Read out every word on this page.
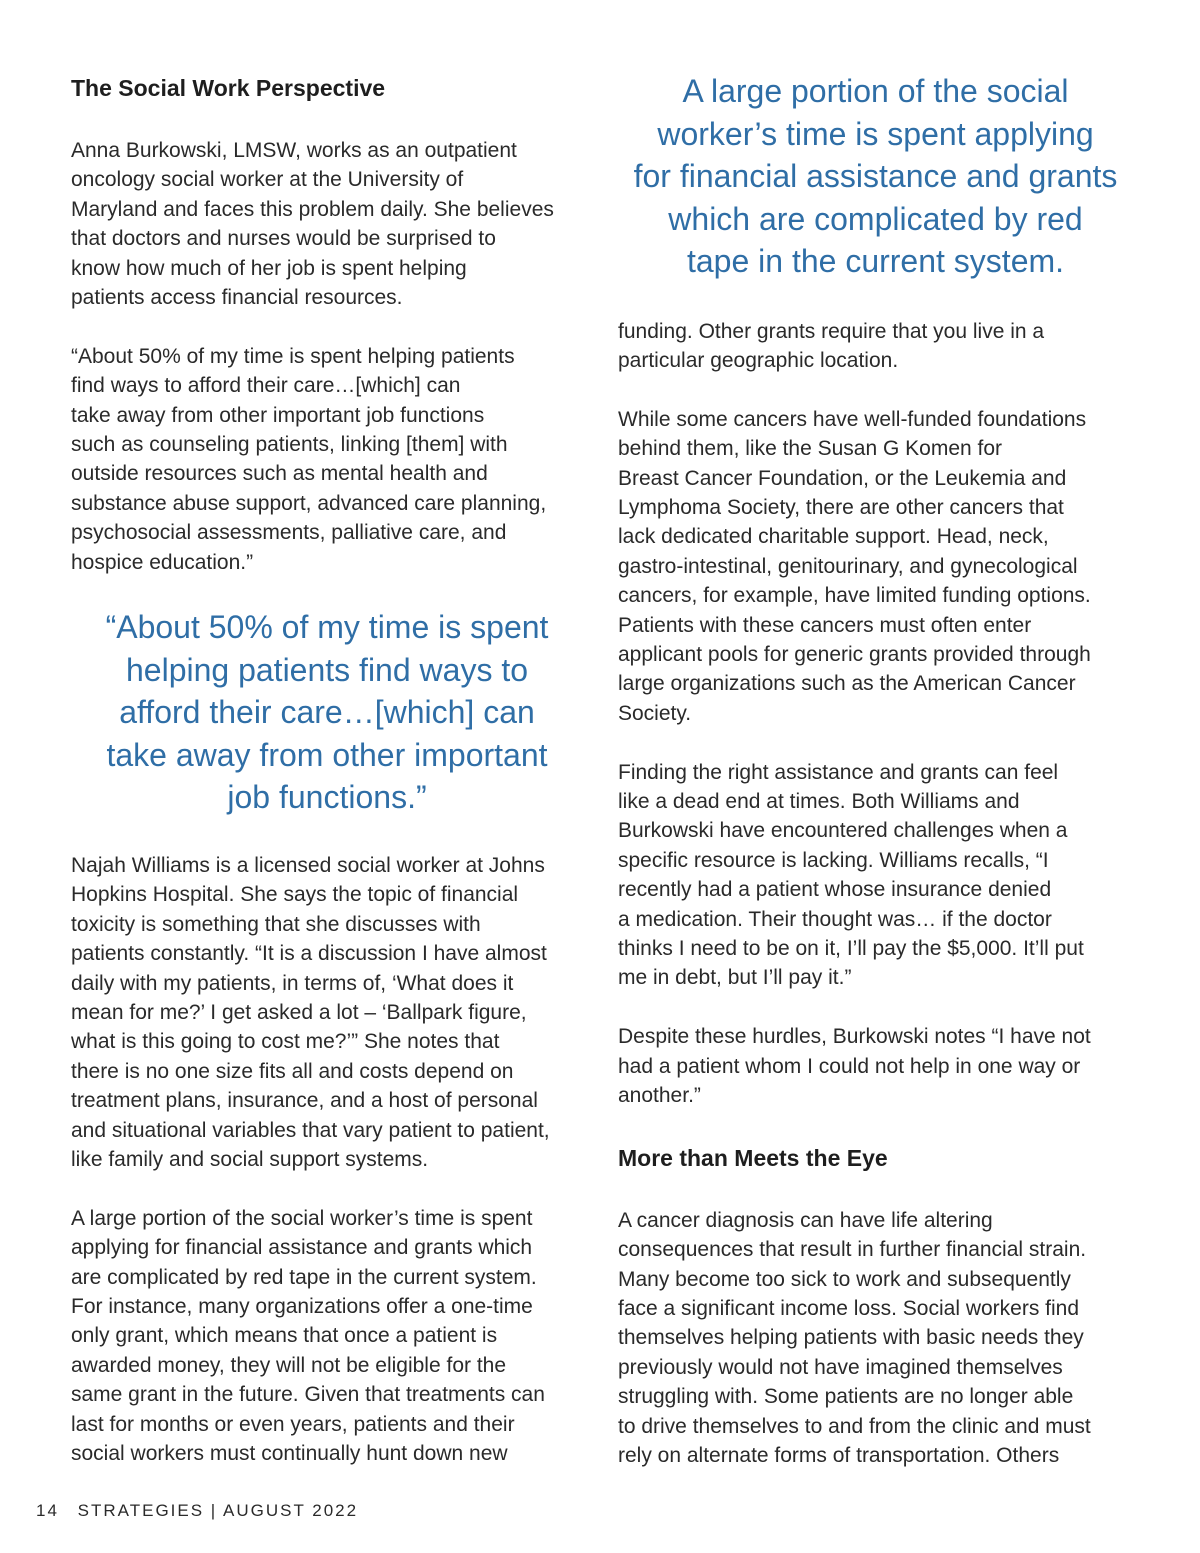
The Social Work Perspective

Anna Burkowski, LMSW, works as an outpatient
oncology social worker at the University of
Maryland and faces this problem daily. She believes
that doctors and nurses would be surprised to
know how much of her job is spent helping
patients access financial resources.

“About 50% of my time is spent helping patients
find ways to afford their care…[which] can
take away from other important job functions
such as counseling patients, linking [them] with
outside resources such as mental health and
substance abuse support, advanced care planning,
psychosocial assessments, palliative care, and
hospice education.”

“About 50% of my time is spent
helping patients find ways to
afford their care…[which] can
take away from other important
job functions.”

Najah Williams is a licensed social worker at Johns
Hopkins Hospital. She says the topic of financial
toxicity is something that she discusses with
patients constantly. “It is a discussion I have almost
daily with my patients, in terms of, ‘What does it
mean for me?’ I get asked a lot – ‘Ballpark figure,
what is this going to cost me?’” She notes that
there is no one size fits all and costs depend on
treatment plans, insurance, and a host of personal
and situational variables that vary patient to patient,
like family and social support systems.

A large portion of the social worker’s time is spent
applying for financial assistance and grants which
are complicated by red tape in the current system.
For instance, many organizations offer a one-time
only grant, which means that once a patient is
awarded money, they will not be eligible for the
same grant in the future. Given that treatments can
last for months or even years, patients and their
social workers must continually hunt down new

A large portion of the social
worker’s time is spent applying
for financial assistance and grants
which are complicated by red
tape in the current system.

funding. Other grants require that you live in a
particular geographic location.

While some cancers have well-funded foundations
behind them, like the Susan G Komen for
Breast Cancer Foundation, or the Leukemia and
Lymphoma Society, there are other cancers that
lack dedicated charitable support. Head, neck,
gastro-intestinal, genitourinary, and gynecological
cancers, for example, have limited funding options.
Patients with these cancers must often enter
applicant pools for generic grants provided through
large organizations such as the American Cancer
Society.

Finding the right assistance and grants can feel
like a dead end at times. Both Williams and
Burkowski have encountered challenges when a
specific resource is lacking. Williams recalls, “I
recently had a patient whose insurance denied
a medication. Their thought was… if the doctor
thinks I need to be on it, I’ll pay the $5,000. It’ll put
me in debt, but I’ll pay it.”

Despite these hurdles, Burkowski notes “I have not
had a patient whom I could not help in one way or
another.”

More than Meets the Eye

A cancer diagnosis can have life altering
consequences that result in further financial strain.
Many become too sick to work and subsequently
face a significant income loss. Social workers find
themselves helping patients with basic needs they
previously would not have imagined themselves
struggling with. Some patients are no longer able
to drive themselves to and from the clinic and must
rely on alternate forms of transportation. Others

14 STRATEGIES | AUGUST 2022
